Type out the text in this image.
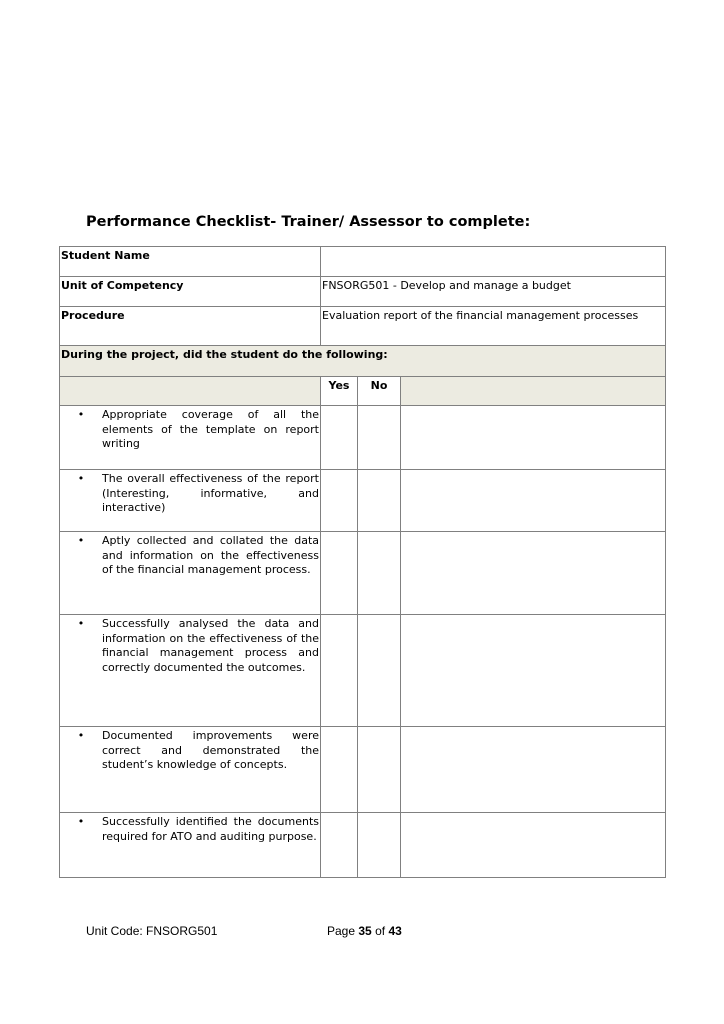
Performance Checklist- Trainer/ Assessor to complete:
Student Name			
Unit of Competency	FNSORG501 - Develop and manage a budget		
Procedure	Evaluation report of the financial management processes		
During the project, did the student do the following:			
	Yes	No	

• Appropriate coverage of all the elements of the template on report writing			

• The overall effectiveness of the report (Interesting, informative, and interactive)			

• Aptly collected and collated the data and information on the effectiveness of the financial management process.			

• Successfully analysed the data and information on the effectiveness of the financial management process and correctly documented the outcomes.			

• Documented improvements were correct and demonstrated the student’s knowledge of concepts.			

• Successfully identified the documents required for ATO and auditing purpose.			

Unit Code: FNSORG501	Page 35 of 43
